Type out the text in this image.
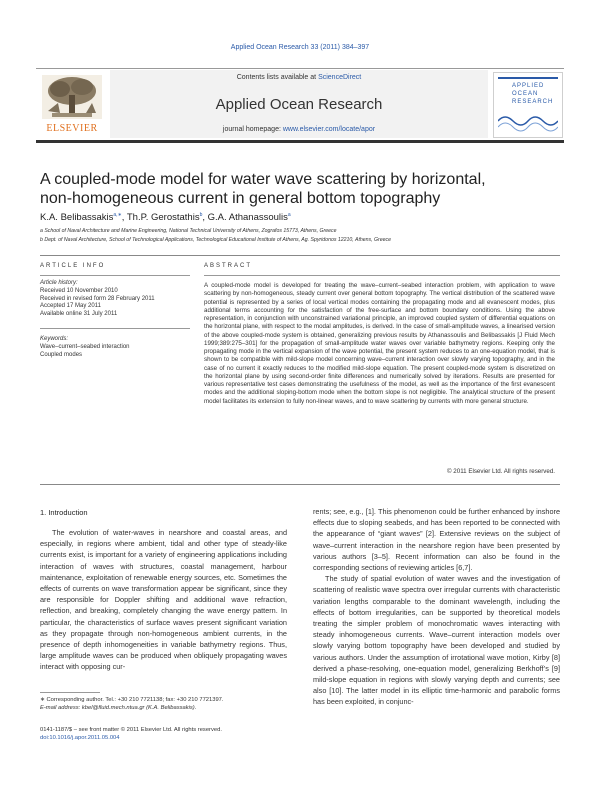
Applied Ocean Research 33 (2011) 384–397
ELSEVIER
Contents lists available at ScienceDirect
Applied Ocean Research
journal homepage: www.elsevier.com/locate/apor
APPLIED
OCEAN
RESEARCH
A coupled-mode model for water wave scattering by horizontal,
non-homogeneous current in general bottom topography
K.A. Belibassakis$^{a,∗}$, Th.P. Gerostathis$^b$, G.A. Athanassoulis$^a$
a School of Naval Architecture and Marine Engineering, National Technical University of Athens, Zografos 15773, Athens, Greece
b Dept. of Naval Architecture, School of Technological Applications, Technological Educational Institute of Athens, Ag. Spyridonos 12210, Athens, Greece
ARTICLE INFO
Article history:
Received 10 November 2010
Received in revised form 28 February 2011
Accepted 17 May 2011
Available online 31 July 2011
Keywords:
Wave–current–seabed interaction
Coupled modes
ABSTRACT
A coupled-mode model is developed for treating the wave–current–seabed interaction problem, with application to wave scattering by non-homogeneous, steady current over general bottom topography. The vertical distribution of the scattered wave potential is represented by a series of local vertical modes containing the propagating mode and all evanescent modes, plus additional terms accounting for the satisfaction of the free-surface and bottom boundary conditions. Using the above representation, in conjunction with unconstrained variational principle, an improved coupled system of differential equations on the horizontal plane, with respect to the modal amplitudes, is derived. In the case of small-amplitude waves, a linearised version of the above coupled-mode system is obtained, generalizing previous results by Athanassoulis and Belibassakis [J Fluid Mech 1999;389:275–301] for the propagation of small-amplitude water waves over variable bathymetry regions. Keeping only the propagating mode in the vertical expansion of the wave potential, the present system reduces to an one-equation model, that is shown to be compatible with mild-slope model concerning wave–current interaction over slowly varying topography, and in the case of no current it exactly reduces to the modified mild-slope equation. The present coupled-mode system is discretized on the horizontal plane by using second-order finite differences and numerically solved by iterations. Results are presented for various representative test cases demonstrating the usefulness of the model, as well as the importance of the first evanescent modes and the additional sloping-bottom mode when the bottom slope is not negligible. The analytical structure of the present model facilitates its extension to fully non-linear waves, and to wave scattering by currents with more general structure.
© 2011 Elsevier Ltd. All rights reserved.
1. Introduction

The evolution of water-waves in nearshore and coastal areas, and especially, in regions where ambient, tidal and other type of steady-like currents exist, is important for a variety of engineering applications including interaction of waves with structures, coastal management, harbour maintenance, exploitation of renewable energy sources, etc. Sometimes the effects of currents on wave transformation appear be significant, since they are responsible for Doppler shifting and additional wave refraction, reflection, and breaking, completely changing the wave energy pattern. In particular, the characteristics of surface waves present significant variation as they propagate through non-homogeneous ambient currents, in the presence of depth inhomogeneities in variable bathymetry regions. Thus, large amplitude waves can be produced when obliquely propagating waves interact with opposing cur-

rents; see, e.g., [1]. This phenomenon could be further enhanced by inshore effects due to sloping seabeds, and has been reported to be connected with the appearance of “giant waves” [2]. Extensive reviews on the subject of wave–current interaction in the nearshore region have been presented by various authors [3–5]. Recent information can also be found in the corresponding sections of reviewing articles [6,7].

The study of spatial evolution of water waves and the investigation of scattering of realistic wave spectra over irregular currents with characteristic variation lengths comparable to the dominant wavelength, including the effects of bottom irregularities, can be supported by theoretical models treating the simpler problem of monochromatic waves interacting with steady inhomogeneous currents. Wave–current interaction models over slowly varying bottom topography have been developed and studied by various authors. Under the assumption of irrotational wave motion, Kirby [8] derived a phase-resolving, one-equation model, generalizing Berkhoff’s [9] mild-slope equation in regions with slowly varying depth and currents; see also [10]. The latter model in its elliptic time-harmonic and parabolic forms has been exploited, in conjunc-

∗ Corresponding author. Tel.: +30 210 7721138; fax: +30 210 7721397.
E-mail address: kbel@fluid.mech.ntua.gr (K.A. Belibassakis).
0141-1187/$ – see front matter © 2011 Elsevier Ltd. All rights reserved.
doi:10.1016/j.apor.2011.05.004
